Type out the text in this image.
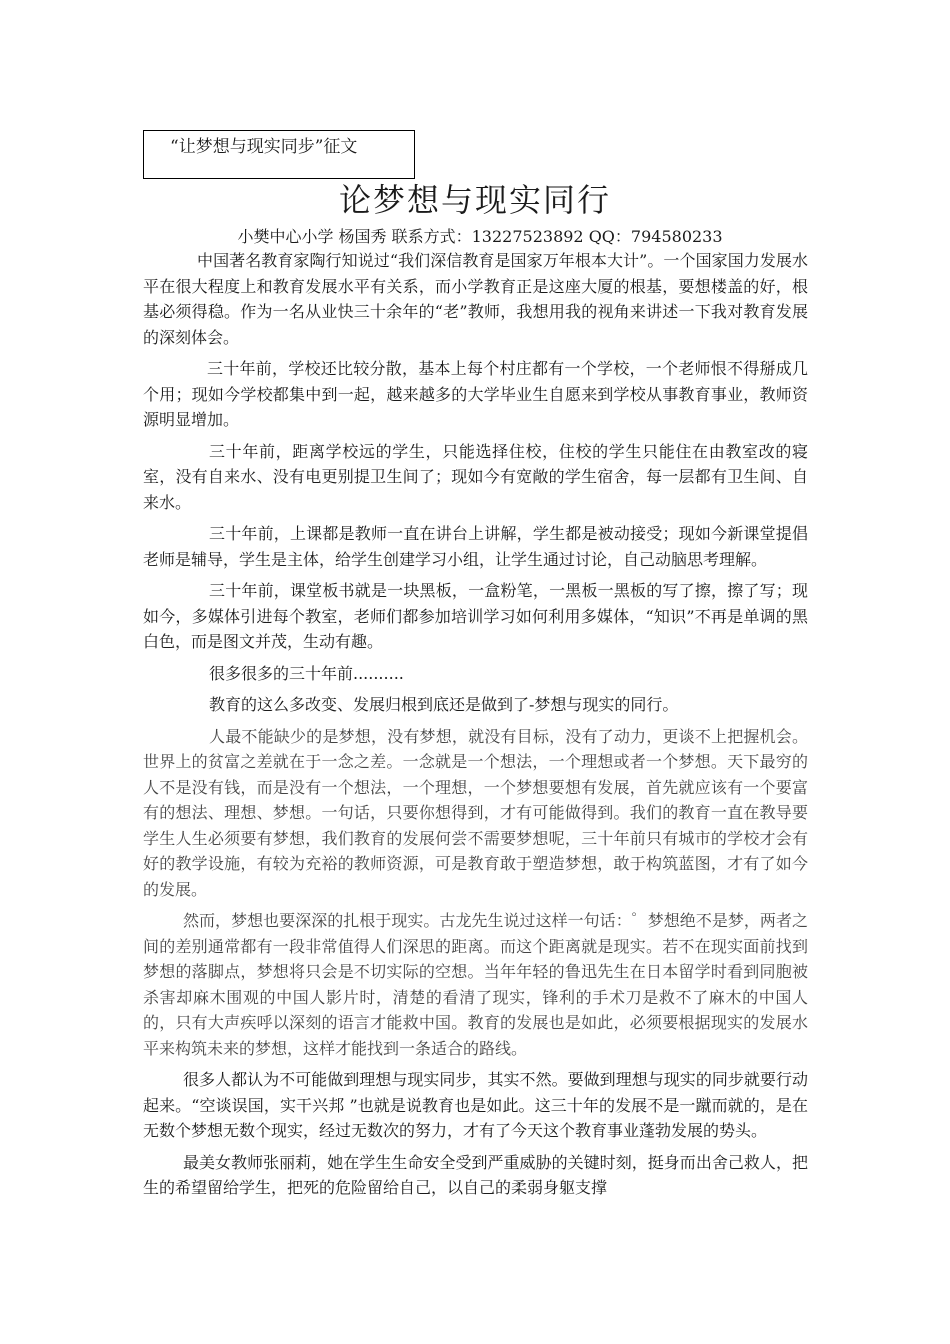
“让梦想与现实同步”征文
论梦想与现实同行
小樊中心小学 杨国秀 联系方式：13227523892 QQ：794580233

中国著名教育家陶行知说过“我们深信教育是国家万年根本大计”。一个国家国力发展水平在很大程度上和教育发展水平有关系，而小学教育正是这座大厦的根基，要想楼盖的好，根基必须得稳。作为一名从业快三十余年的“老”教师，我想用我的视角来讲述一下我对教育发展的深刻体会。

三十年前，学校还比较分散，基本上每个村庄都有一个学校，一个老师恨不得掰成几个用；现如今学校都集中到一起，越来越多的大学毕业生自愿来到学校从事教育事业，教师资源明显增加。

三十年前，距离学校远的学生，只能选择住校，住校的学生只能住在由教室改的寝室，没有自来水、没有电更别提卫生间了；现如今有宽敞的学生宿舍，每一层都有卫生间、自来水。

三十年前，上课都是教师一直在讲台上讲解，学生都是被动接受；现如今新课堂提倡老师是辅导，学生是主体，给学生创建学习小组，让学生通过讨论，自己动脑思考理解。

三十年前，课堂板书就是一块黑板，一盒粉笔，一黑板一黑板的写了擦，擦了写；现如今，多媒体引进每个教室，老师们都参加培训学习如何利用多媒体，“知识”不再是单调的黑白色，而是图文并茂，生动有趣。

很多很多的三十年前..........

教育的这么多改变、发展归根到底还是做到了-梦想与现实的同行。

人最不能缺少的是梦想，没有梦想，就没有目标，没有了动力，更谈不上把握机会。世界上的贫富之差就在于一念之差。一念就是一个想法，一个理想或者一个梦想。天下最穷的人不是没有钱，而是没有一个想法，一个理想，一个梦想要想有发展，首先就应该有一个要富有的想法、理想、梦想。一句话，只要你想得到，才有可能做得到。我们的教育一直在教导要学生人生必须要有梦想，我们教育的发展何尝不需要梦想呢，三十年前只有城市的学校才会有好的教学设施，有较为充裕的教师资源，可是教育敢于塑造梦想，敢于构筑蓝图，才有了如今的发展。

然而，梦想也要深深的扎根于现实。古龙先生说过这样一句话：゜梦想绝不是梦，两者之间的差别通常都有一段非常值得人们深思的距离。而这个距离就是现实。若不在现实面前找到梦想的落脚点，梦想将只会是不切实际的空想。当年年轻的鲁迅先生在日本留学时看到同胞被杀害却麻木围观的中国人影片时，清楚的看清了现实，锋利的手术刀是救不了麻木的中国人的，只有大声疾呼以深刻的语言才能救中国。教育的发展也是如此，必须要根据现实的发展水平来构筑未来的梦想，这样才能找到一条适合的路线。

很多人都认为不可能做到理想与现实同步，其实不然。要做到理想与现实的同步就要行动起来。“空谈误国，实干兴邦 ”也就是说教育也是如此。这三十年的发展不是一蹴而就的，是在无数个梦想无数个现实，经过无数次的努力，才有了今天这个教育事业蓬勃发展的势头。

最美女教师张丽莉，她在学生生命安全受到严重威胁的关键时刻，挺身而出舍己救人，把生的希望留给学生，把死的危险留给自己，以自己的柔弱身躯支撑
